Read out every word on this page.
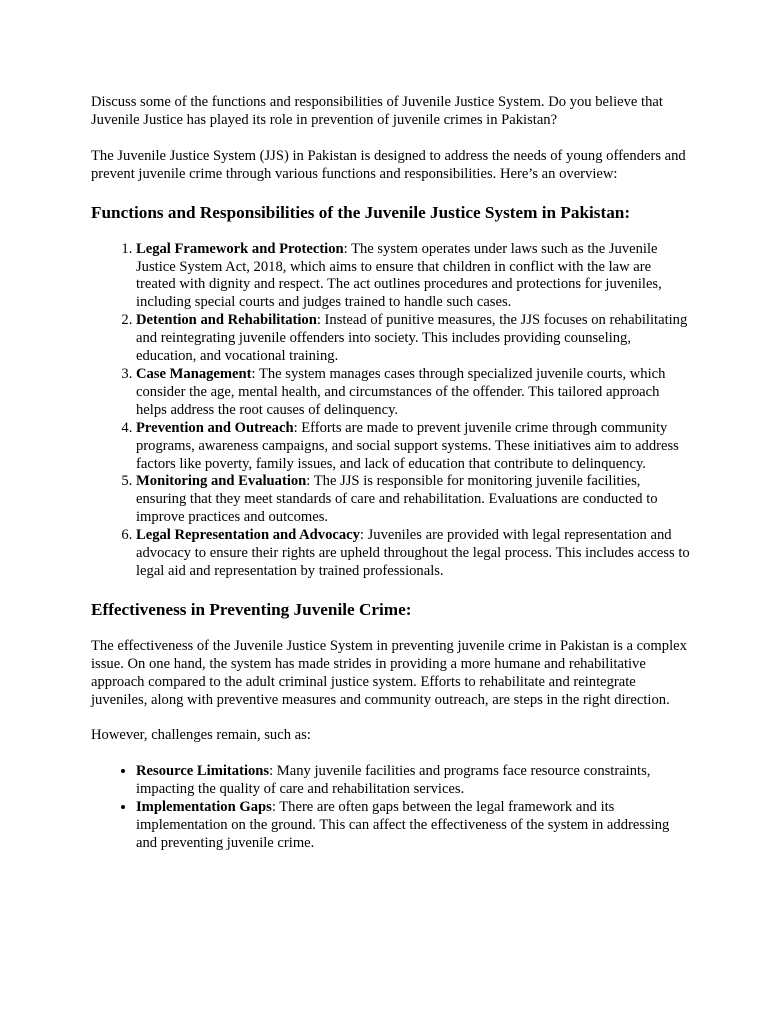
Discuss some of the functions and responsibilities of Juvenile Justice System. Do you believe that Juvenile Justice has played its role in prevention of juvenile crimes in Pakistan?

The Juvenile Justice System (JJS) in Pakistan is designed to address the needs of young offenders and prevent juvenile crime through various functions and responsibilities. Here’s an overview:

Functions and Responsibilities of the Juvenile Justice System in Pakistan:
1. Legal Framework and Protection: The system operates under laws such as the Juvenile Justice System Act, 2018, which aims to ensure that children in conflict with the law are treated with dignity and respect. The act outlines procedures and protections for juveniles, including special courts and judges trained to handle such cases.
2. Detention and Rehabilitation: Instead of punitive measures, the JJS focuses on rehabilitating and reintegrating juvenile offenders into society. This includes providing counseling, education, and vocational training.
3. Case Management: The system manages cases through specialized juvenile courts, which consider the age, mental health, and circumstances of the offender. This tailored approach helps address the root causes of delinquency.
4. Prevention and Outreach: Efforts are made to prevent juvenile crime through community programs, awareness campaigns, and social support systems. These initiatives aim to address factors like poverty, family issues, and lack of education that contribute to delinquency.
5. Monitoring and Evaluation: The JJS is responsible for monitoring juvenile facilities, ensuring that they meet standards of care and rehabilitation. Evaluations are conducted to improve practices and outcomes.
6. Legal Representation and Advocacy: Juveniles are provided with legal representation and advocacy to ensure their rights are upheld throughout the legal process. This includes access to legal aid and representation by trained professionals.
Effectiveness in Preventing Juvenile Crime:

The effectiveness of the Juvenile Justice System in preventing juvenile crime in Pakistan is a complex issue. On one hand, the system has made strides in providing a more humane and rehabilitative approach compared to the adult criminal justice system. Efforts to rehabilitate and reintegrate juveniles, along with preventive measures and community outreach, are steps in the right direction.

However, challenges remain, such as:

• Resource Limitations: Many juvenile facilities and programs face resource constraints, impacting the quality of care and rehabilitation services.
• Implementation Gaps: There are often gaps between the legal framework and its implementation on the ground. This can affect the effectiveness of the system in addressing and preventing juvenile crime.
